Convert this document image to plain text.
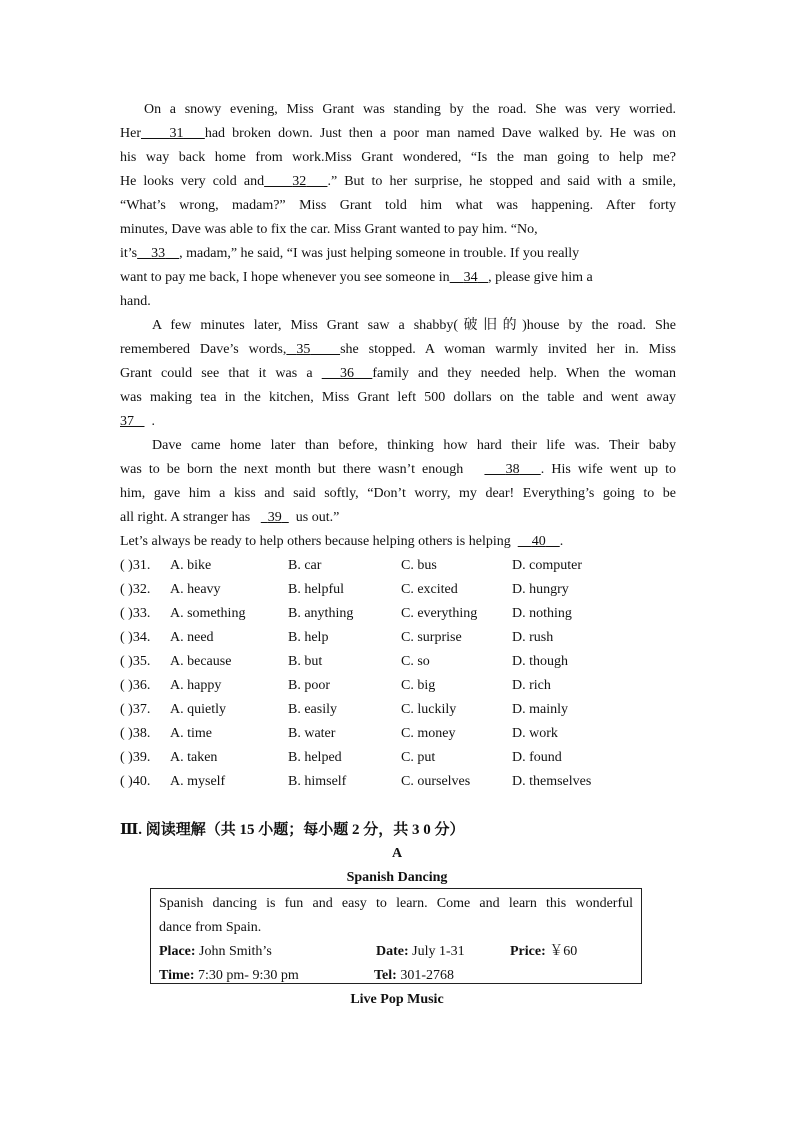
On a snowy evening, Miss Grant was standing by the road. She was very worried.
Her 31 had broken down. Just then a poor man named Dave walked by. He was on
his way back home from work.Miss Grant wondered, “Is the man going to help me?
He looks very cold and 32 .” But to her surprise, he stopped and said with a smile,
“What’s wrong, madam?” Miss Grant told him what was happening. After forty
minutes, Dave was able to fix the car. Miss Grant wanted to pay him. “No,
it’s 33 , madam,” he said, “I was just helping someone in trouble. If you really
want to pay me back, I hope whenever you see someone in 34 , please give him a
hand.
A few minutes later, Miss Grant saw a shabby(破旧的)house by the road. She
remembered Dave’s words, 35 she stopped. A woman warmly invited her in. Miss
Grant could see that it was a 36 family and they needed help. When the woman
was making tea in the kitchen, Miss Grant left 500 dollars on the table and went away
37 .
Dave came home later than before, thinking how hard their life was. Their baby
was to be born the next month but there wasn’t enough	38 . His wife went up to
him, gave him a kiss and said softly, “Don’t worry, my dear! Everything’s going to be
all right. A stranger has 39 us out.”
Let’s always be ready to help others because helping others is helping 40 .
( )31. A. bike	B. car	C. bus	D. computer
( )32. A. heavy	B. helpful	C. excited	D. hungry
( )33. A. something	B. anything	C. everything D. nothing
( )34. A. need	B. help	C. surprise	D. rush
( )35. A. because	B. but	C. so	D. though
( )36. A. happy	B. poor	C. big	D. rich
( )37. A. quietly	B. easily	C. luckily	D. mainly
( )38. A. time	B. water	C. money	D. work
( )39. A. taken	B. helped	C. put	D. found
( )40. A. myself	B. himself	C. ourselves	D. themselves
Ⅲ. 阅读理解（共 15 小题；每小题 2 分，共 3 0 分）
A
Spanish Dancing
Spanish dancing is fun and easy to learn. Come and learn this wonderful
dance from Spain.
Place: John Smith’s	Date: July 1-31	Price: ￥60
Time: 7:30 pm- 9:30 pm	Tel: 301-2768
Live Pop Music
